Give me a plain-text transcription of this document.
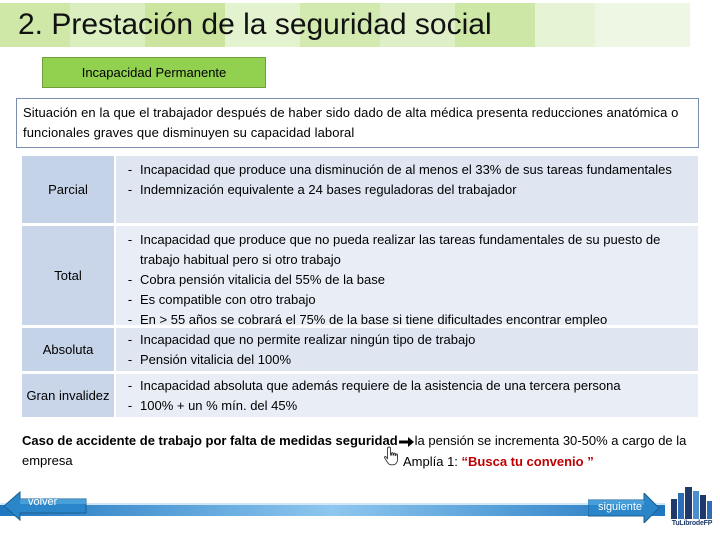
2. Prestación de la seguridad social
Incapacidad Permanente
Situación en la que el trabajador después de haber sido dado de alta médica presenta reducciones anatómica o funcionales graves que disminuyen su capacidad laboral
Parcial
- Incapacidad que produce una disminución de al menos el 33% de sus tareas fundamentales
- Indemnización equivalente a 24 bases reguladoras del trabajador
Total
- Incapacidad que produce que no pueda realizar las tareas fundamentales de su puesto de trabajo habitual pero si otro trabajo
- Cobra pensión vitalicia del 55% de la base
- Es compatible con otro trabajo
- En > 55 años se cobrará el 75% de la base si tiene dificultades encontrar empleo
Absoluta
- Incapacidad que no permite realizar ningún tipo de trabajo
- Pensión vitalicia del 100%
Gran invalidez
- Incapacidad absoluta que además requiere de la asistencia de una tercera persona
- 100% + un % mín. del 45%
Caso de accidente de trabajo por falta de medidas seguridad la pensión se incrementa 30-50% a cargo de la empresa	Amplía 1: “Busca tu convenio ”
volver	siguiente
TuLibrodeFP
